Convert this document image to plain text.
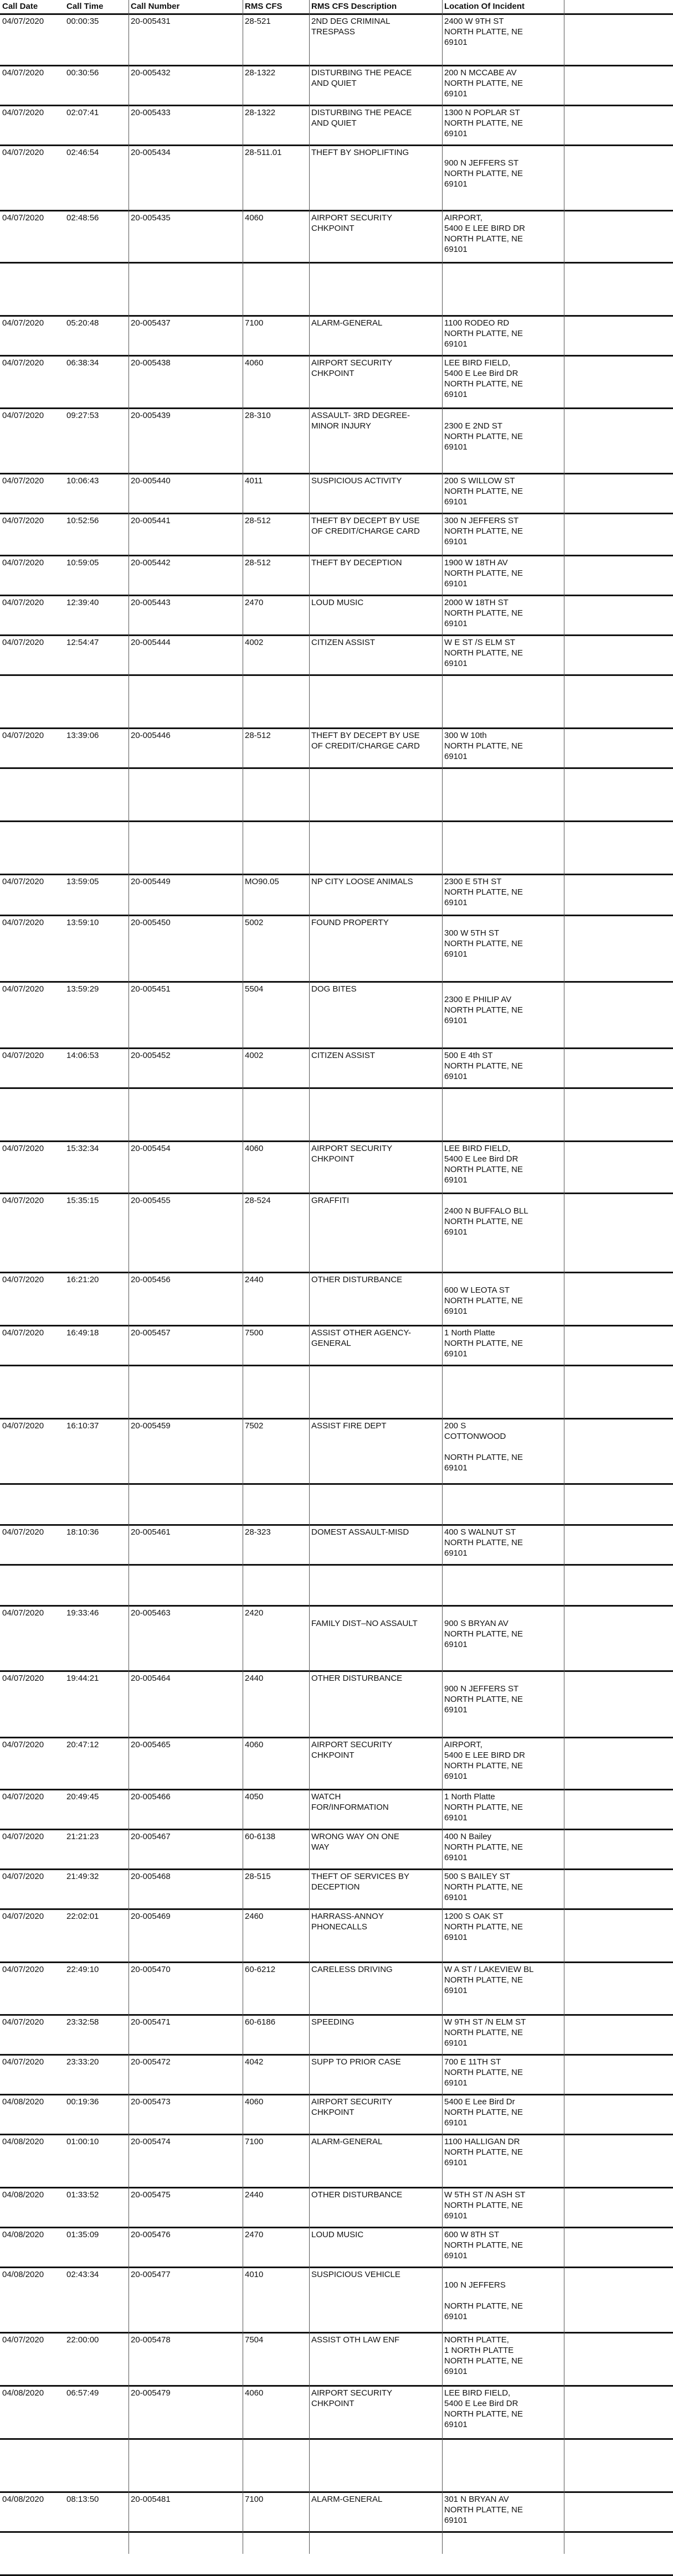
Call Date	Call Time	Call Number	RMS CFS	RMS CFS Description	Location Of Incident
04/07/2020	00:00:35	20-005431	28-521	2ND DEG CRIMINAL
TRESPASS
2400 W 9TH ST
NORTH PLATTE, NE
69101
04/07/2020	00:30:56	20-005432	28-1322	DISTURBING THE PEACE
AND QUIET
200 N MCCABE AV
NORTH PLATTE, NE
69101
04/07/2020	02:07:41	20-005433	28-1322	DISTURBING THE PEACE
AND QUIET
1300 N POPLAR ST
NORTH PLATTE, NE
69101
04/07/2020	02:46:54	20-005434	28-511.01	THEFT BY SHOPLIFTING

900 N JEFFERS ST
NORTH PLATTE, NE
69101
04/07/2020	02:48:56	20-005435	4060	AIRPORT SECURITY
CHKPOINT
AIRPORT,
5400 E LEE BIRD DR
NORTH PLATTE, NE
69101
04/07/2020	05:20:48	20-005437	7100	ALARM-GENERAL	1100 RODEO RD
NORTH PLATTE, NE
69101
04/07/2020	06:38:34	20-005438	4060	AIRPORT SECURITY
CHKPOINT
LEE BIRD FIELD,
5400 E Lee Bird DR
NORTH PLATTE, NE
69101
04/07/2020	09:27:53	20-005439	28-310	ASSAULT- 3RD DEGREE-
MINOR INJURY	2300 E 2ND ST
NORTH PLATTE, NE
69101
04/07/2020	10:06:43	20-005440	4011	SUSPICIOUS ACTIVITY	200 S WILLOW ST
NORTH PLATTE, NE
69101
04/07/2020	10:52:56	20-005441	28-512	THEFT BY DECEPT BY USE
OF CREDIT/CHARGE CARD
300 N JEFFERS ST
NORTH PLATTE, NE
69101
04/07/2020	10:59:05	20-005442	28-512	THEFT BY DECEPTION	1900 W 18TH AV
NORTH PLATTE, NE
69101
04/07/2020	12:39:40	20-005443	2470	LOUD MUSIC	2000 W 18TH ST
NORTH PLATTE, NE
69101
04/07/2020	12:54:47	20-005444	4002	CITIZEN ASSIST	W E ST /S ELM ST
NORTH PLATTE, NE
69101
04/07/2020	13:39:06	20-005446	28-512	THEFT BY DECEPT BY USE
OF CREDIT/CHARGE CARD
300 W 10th
NORTH PLATTE, NE
69101
04/07/2020	13:59:05	20-005449	MO90.05	NP CITY LOOSE ANIMALS	2300 E 5TH ST
NORTH PLATTE, NE
69101
04/07/2020	13:59:10	20-005450	5002	FOUND PROPERTY

300 W 5TH ST
NORTH PLATTE, NE
69101
04/07/2020	13:59:29	20-005451	5504	DOG BITES

2300 E PHILIP AV
NORTH PLATTE, NE
69101
04/07/2020	14:06:53	20-005452	4002	CITIZEN ASSIST	500 E 4th ST
NORTH PLATTE, NE
69101
04/07/2020	15:32:34	20-005454	4060	AIRPORT SECURITY
CHKPOINT
LEE BIRD FIELD,
5400 E Lee Bird DR
NORTH PLATTE, NE
69101
04/07/2020	15:35:15	20-005455	28-524	GRAFFITI

2400 N BUFFALO BLL
NORTH PLATTE, NE
69101
04/07/2020	16:21:20	20-005456	2440	OTHER DISTURBANCE

600 W LEOTA ST
NORTH PLATTE, NE
69101
04/07/2020	16:49:18	20-005457	7500	ASSIST OTHER AGENCY-
GENERAL
1 North Platte
NORTH PLATTE, NE
69101
04/07/2020	16:10:37	20-005459	7502	ASSIST FIRE DEPT	200 S
COTTONWOOD

NORTH PLATTE, NE
69101
04/07/2020	18:10:36	20-005461	28-323	DOMEST ASSAULT-MISD	400 S WALNUT ST
NORTH PLATTE, NE
69101
04/07/2020	19:33:46	20-005463	2420

FAMILY DIST–NO ASSAULT	900 S BRYAN AV
NORTH PLATTE, NE
69101
04/07/2020	19:44:21	20-005464	2440	OTHER DISTURBANCE

900 N JEFFERS ST
NORTH PLATTE, NE
69101
04/07/2020	20:47:12	20-005465	4060	AIRPORT SECURITY
CHKPOINT
AIRPORT,
5400 E LEE BIRD DR
NORTH PLATTE, NE
69101
04/07/2020	20:49:45	20-005466	4050	WATCH
FOR/INFORMATION
1 North Platte
NORTH PLATTE, NE
69101
04/07/2020	21:21:23	20-005467	60-6138	WRONG WAY ON ONE
WAY
400 N Bailey
NORTH PLATTE, NE
69101
04/07/2020	21:49:32	20-005468	28-515	THEFT OF SERVICES BY
DECEPTION
500 S BAILEY ST
NORTH PLATTE, NE
69101
04/07/2020	22:02:01	20-005469	2460	HARRASS-ANNOY
PHONECALLS
1200 S OAK ST
NORTH PLATTE, NE
69101
04/07/2020	22:49:10	20-005470	60-6212	CARELESS DRIVING	W A ST / LAKEVIEW BL
NORTH PLATTE, NE
69101
04/07/2020	23:32:58	20-005471	60-6186	SPEEDING	W 9TH ST /N ELM ST
NORTH PLATTE, NE
69101
04/07/2020	23:33:20	20-005472	4042	SUPP TO PRIOR CASE	700 E 11TH ST
NORTH PLATTE, NE
69101
04/08/2020	00:19:36	20-005473	4060	AIRPORT SECURITY
CHKPOINT
5400 E Lee Bird Dr
NORTH PLATTE, NE
69101
04/08/2020	01:00:10	20-005474	7100	ALARM-GENERAL	1100 HALLIGAN DR
NORTH PLATTE, NE
69101
04/08/2020	01:33:52	20-005475	2440	OTHER DISTURBANCE	W 5TH ST /N ASH ST
NORTH PLATTE, NE
69101
04/08/2020	01:35:09	20-005476	2470	LOUD MUSIC	600 W 8TH ST
NORTH PLATTE, NE
69101
04/08/2020	02:43:34	20-005477	4010	SUSPICIOUS VEHICLE

100 N JEFFERS

NORTH PLATTE, NE
69101
04/07/2020	22:00:00	20-005478	7504	ASSIST OTH LAW ENF	NORTH PLATTE,
1 NORTH PLATTE
NORTH PLATTE, NE
69101
04/08/2020	06:57:49	20-005479	4060	AIRPORT SECURITY
CHKPOINT
LEE BIRD FIELD,
5400 E Lee Bird DR
NORTH PLATTE, NE
69101
04/08/2020	08:13:50	20-005481	7100	ALARM-GENERAL	301 N BRYAN AV
NORTH PLATTE, NE
69101
